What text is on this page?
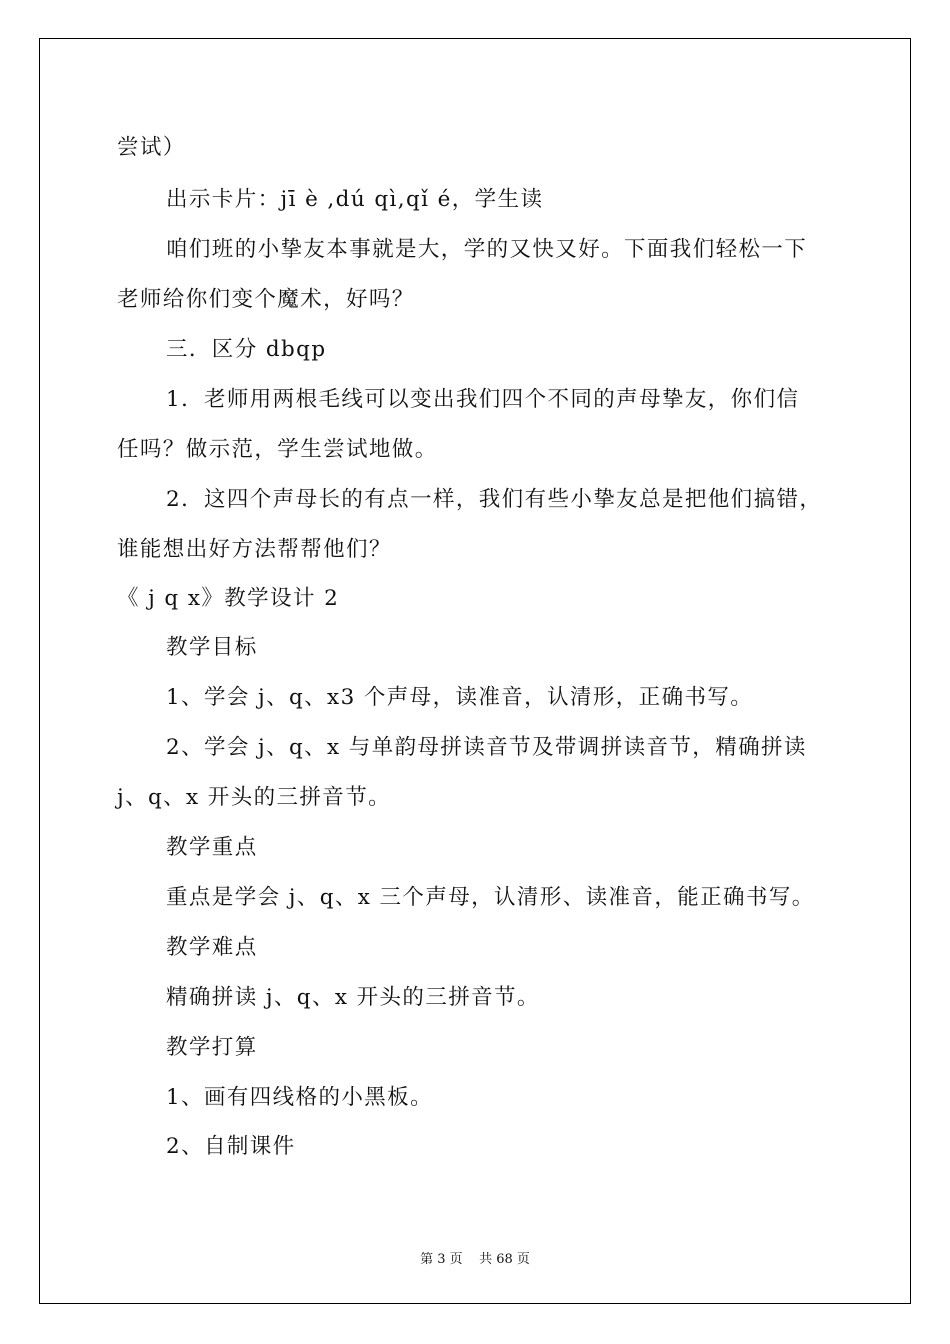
尝试）
出示卡片：jī è ,dú qì,qǐ é，学生读
咱们班的小挚友本事就是大，学的又快又好。下面我们轻松一下
老师给你们变个魔术，好吗？
三．区分 dbqp
1．老师用两根毛线可以变出我们四个不同的声母挚友，你们信
任吗？做示范，学生尝试地做。
2．这四个声母长的有点一样，我们有些小挚友总是把他们搞错，
谁能想出好方法帮帮他们？
《 j q x》教学设计 2
教学目标
1、学会 j、q、x3 个声母，读准音，认清形，正确书写。
2、学会 j、q、x 与单韵母拼读音节及带调拼读音节，精确拼读
j、q、x 开头的三拼音节。
教学重点
重点是学会 j、q、x 三个声母，认清形、读准音，能正确书写。
教学难点
精确拼读 j、q、x 开头的三拼音节。
教学打算
1、画有四线格的小黑板。
2、自制课件
第 3 页    共 68 页
